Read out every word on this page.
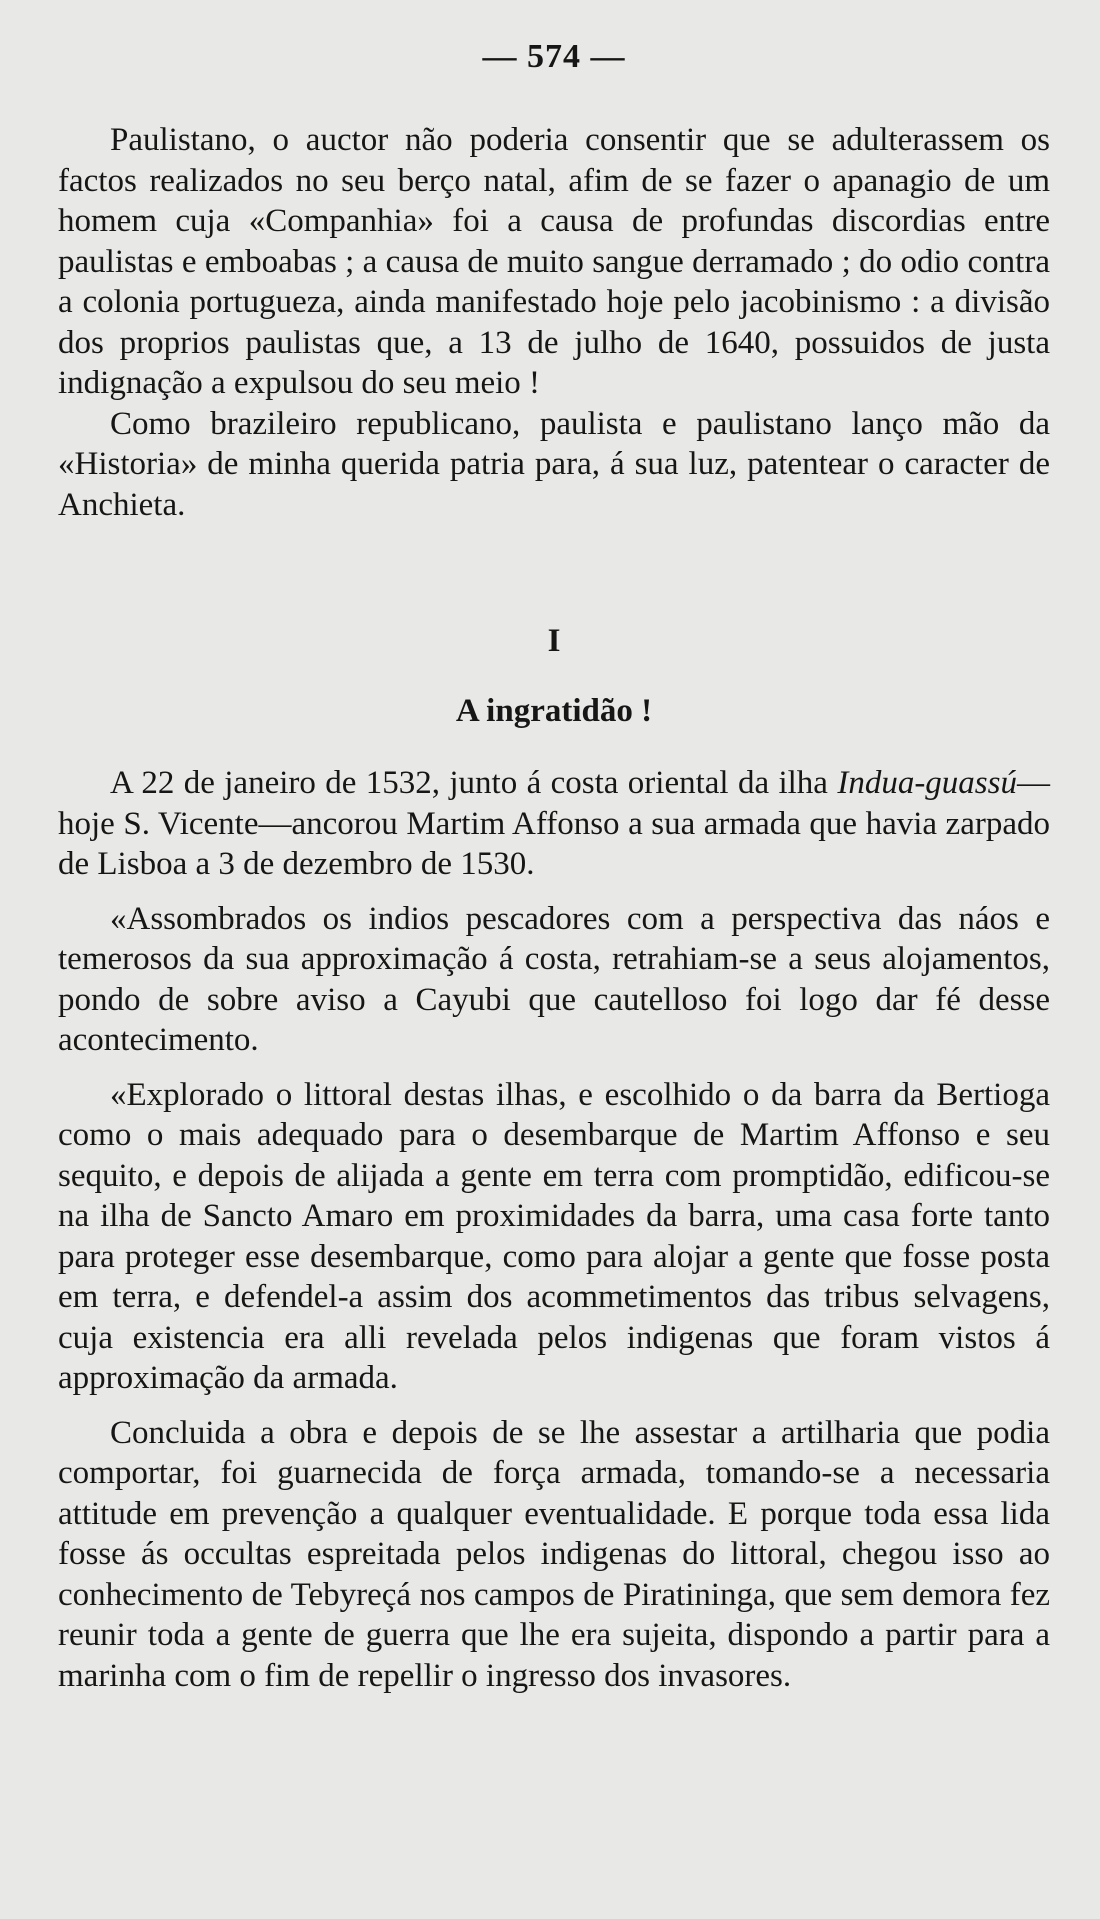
— 574 —

Paulistano, o auctor não poderia consentir que se adulterassem os factos realizados no seu berço natal, afim de se fazer o apanagio de um homem cuja «Companhia» foi a causa de profundas discordias entre paulistas e emboabas ; a causa de muito sangue derramado ; do odio contra a colonia portugueza, ainda manifestado hoje pelo jacobinismo : a divisão dos proprios paulistas que, a 13 de julho de 1640, possuidos de justa indignação a expulsou do seu meio !

Como brazileiro republicano, paulista e paulistano lanço mão da «Historia» de minha querida patria para, á sua luz, patentear o caracter de Anchieta.

I
A ingratidão !

A 22 de janeiro de 1532, junto á costa oriental da ilha Indua-guassú—hoje S. Vicente—ancorou Martim Affonso a sua armada que havia zarpado de Lisboa a 3 de dezembro de 1530.

«Assombrados os indios pescadores com a perspectiva das náos e temerosos da sua approximação á costa, retrahiam-se a seus alojamentos, pondo de sobre aviso a Cayubi que cautelloso foi logo dar fé desse acontecimento.

«Explorado o littoral destas ilhas, e escolhido o da barra da Bertioga como o mais adequado para o desembarque de Martim Affonso e seu sequito, e depois de alijada a gente em terra com promptidão, edificou-se na ilha de Sancto Amaro em proximidades da barra, uma casa forte tanto para proteger esse desembarque, como para alojar a gente que fosse posta em terra, e defendel-a assim dos acommetimentos das tribus selvagens, cuja existencia era alli revelada pelos indigenas que foram vistos á approximação da armada.

Concluida a obra e depois de se lhe assestar a artilharia que podia comportar, foi guarnecida de força armada, tomando-se a necessaria attitude em prevenção a qualquer eventualidade. E porque toda essa lida fosse ás occultas espreitada pelos indigenas do littoral, chegou isso ao conhecimento de Tebyreçá nos campos de Piratininga, que sem demora fez reunir toda a gente de guerra que lhe era sujeita, dispondo a partir para a marinha com o fim de repellir o ingresso dos invasores.
